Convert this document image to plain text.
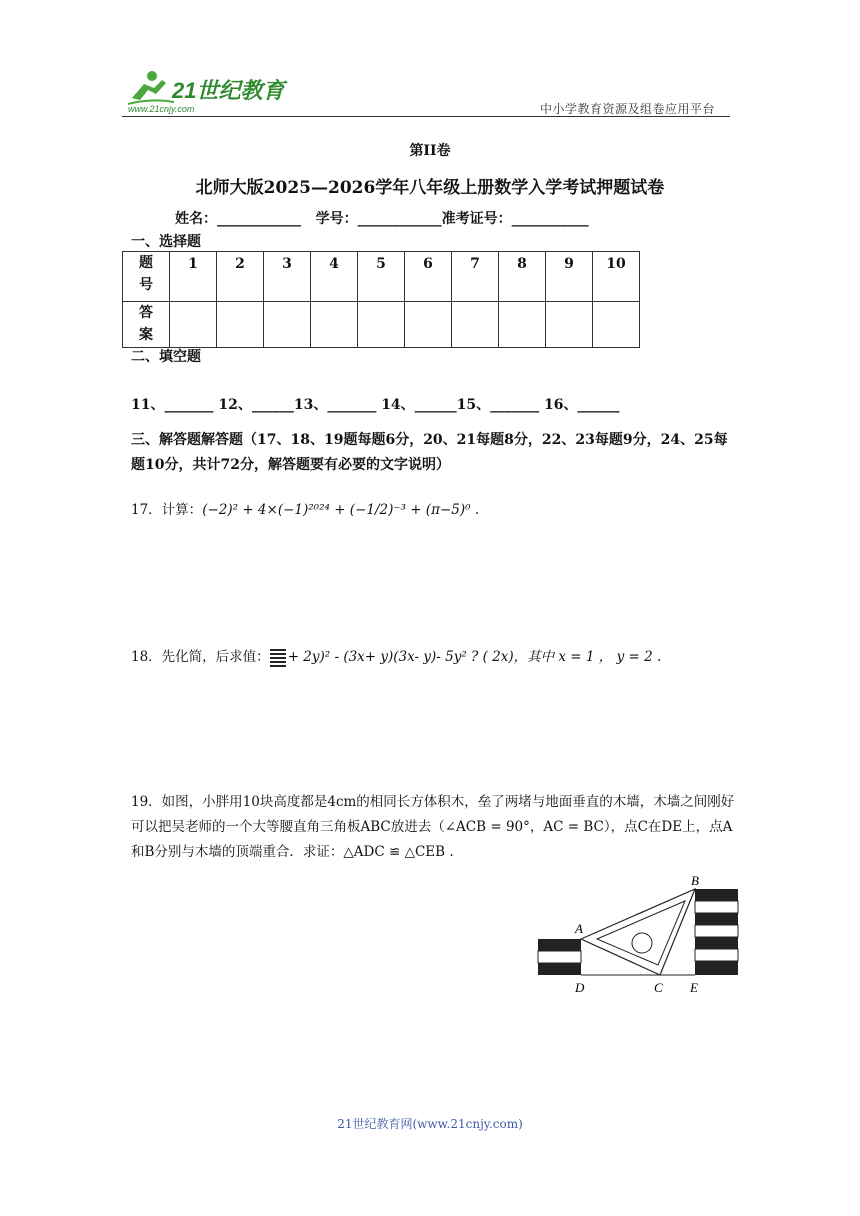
21世纪教育
www.21cnjy.com	中小学教育资源及组卷应用平台
第II卷
北师大版2025—2026学年八年级上册数学入学考试押题试卷
姓名：____________   学号：____________准考证号：___________
一、选择题
题
号	1	2	3	4	5	6	7	8	9	10

答
案										

二、填空题
11、_______ 12、______13、_______ 14、______15、_______ 16、______
三、解答题解答题（17、18、19题每题6分，20、21每题8分，22、23每题9分，24、25每题10分，共计72分，解答题要有必要的文字说明）
17．计算：(−2)² + 4×(−1)²⁰²⁴ + (−1/2)⁻³ + (π−5)⁰ .
18．先化简，后求值： + 2y)² - (3x+ y)(3x- y)- 5y² ? ( 2x)，其中 x = 1 ， y = 2 .
19．如图，小胖用10块高度都是4cm的相同长方体积木，垒了两堵与地面垂直的木墙，木墙之间刚好可以把吴老师的一个大等腰直角三角板ABC放进去（∠ACB = 90°，AC = BC），点C在DE上，点A和B分别与木墙的顶端重合．求证：△ADC ≌ △CEB .
A
B
C
D	E
21世纪教育网(www.21cnjy.com)
